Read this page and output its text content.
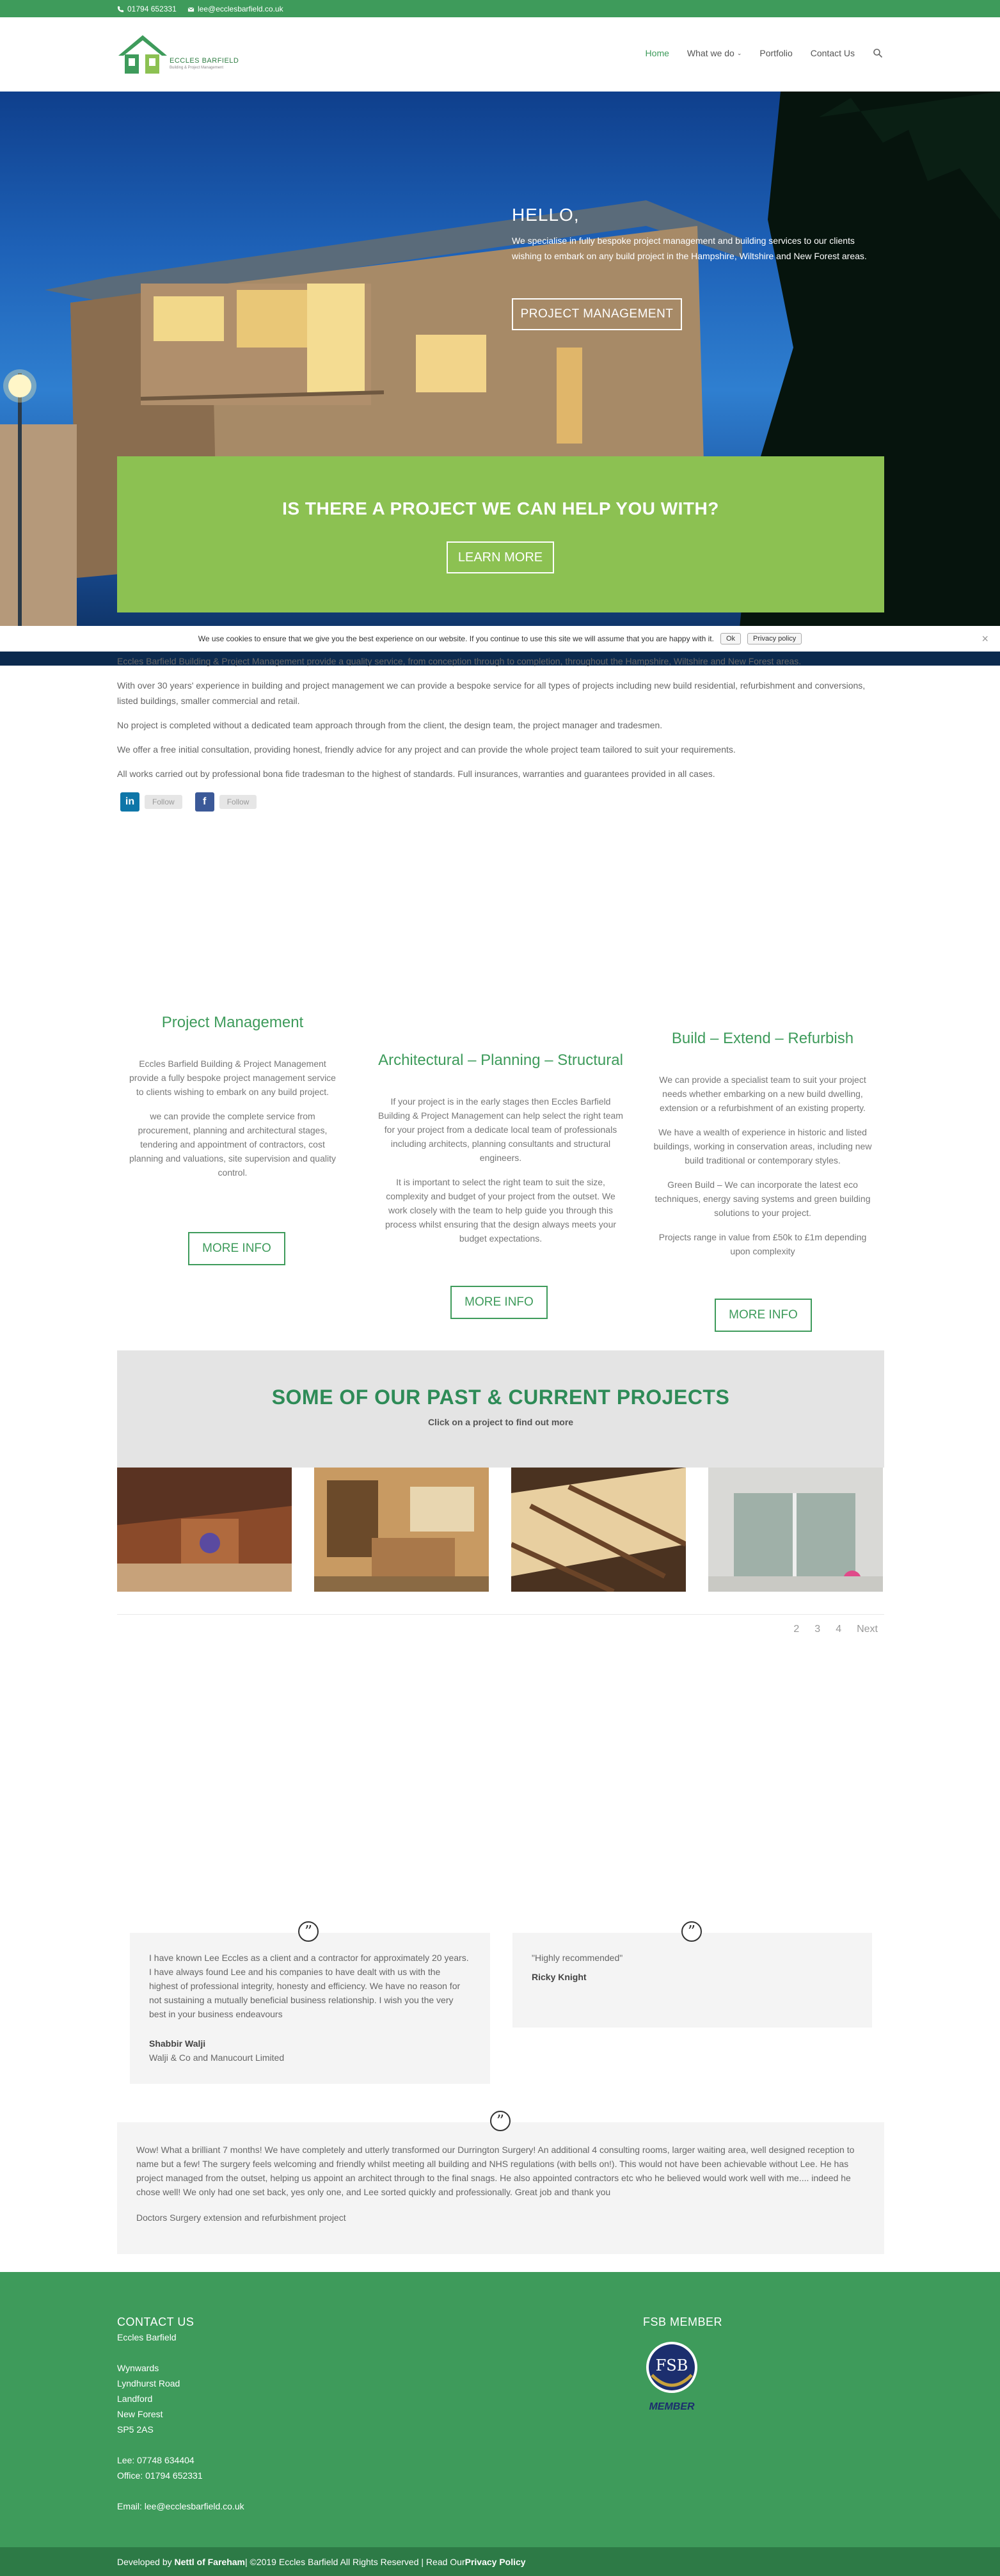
01794 652331	lee@ecclesbarfield.co.uk
ECCLES BARFIELD
Building & Project Management
Home What we do ⌄ Portfolio Contact Us
HELLO,
We specialise in fully bespoke project management and building services to our clients wishing to embark on any build project in the Hampshire, Wiltshire and New Forest areas.
PROJECT MANAGEMENT
IS THERE A PROJECT WE CAN HELP YOU WITH?
LEARN MORE
We use cookies to ensure that we give you the best experience on our website. If you continue to use this site we will assume that you are happy with it.	Ok	Privacy policy	×

Eccles Barfield Building & Project Management provide a quality service, from conception through to completion, throughout the Hampshire, Wiltshire and New Forest areas.

With over 30 years' experience in building and project management we can provide a bespoke service for all types of projects including new build residential, refurbishment and conversions, listed buildings, smaller commercial and retail.

No project is completed without a dedicated team approach through from the client, the design team, the project manager and tradesmen.

We offer a free initial consultation, providing honest, friendly advice for any project and can provide the whole project team tailored to suit your requirements.

All works carried out by professional bona fide tradesman to the highest of standards. Full insurances, warranties and guarantees provided in all cases.

in	Follow	f	Follow
Project Management

Eccles Barfield Building & Project Management provide a fully bespoke project management service to clients wishing to embark on any build project.

we can provide the complete service from procurement, planning and architectural stages, tendering and appointment of contractors, cost planning and valuations, site supervision and quality control.

MORE INFO
Architectural – Planning – Structural

If your project is in the early stages then Eccles Barfield Building & Project Management can help select the right team for your project from a dedicate local team of professionals including architects, planning consultants and structural engineers.

It is important to select the right team to suit the size, complexity and budget of your project from the outset. We work closely with the team to help guide you through this process whilst ensuring that the design always meets your budget expectations.

MORE INFO
Build – Extend – Refurbish

We can provide a specialist team to suit your project needs whether embarking on a new build dwelling, extension or a refurbishment of an existing property.

We have a wealth of experience in historic and listed buildings, working in conservation areas, including new build traditional or contemporary styles.

Green Build – We can incorporate the latest eco techniques, energy saving systems and green building solutions to your project.

Projects range in value from £50k to £1m depending upon complexity

MORE INFO
SOME OF OUR PAST & CURRENT PROJECTS
Click on a project to find out more
2 3 4 Next
”
I have known Lee Eccles as a client and a contractor for approximately 20 years. I have always found Lee and his companies to have dealt with us with the highest of professional integrity, honesty and efficiency. We have no reason for not sustaining a mutually beneficial business relationship. I wish you the very best in your business endeavours
Shabbir Walji
Walji & Co and Manucourt Limited
”
"Highly recommended"
Ricky Knight
”
Wow! What a brilliant 7 months! We have completely and utterly transformed our Durrington Surgery! An additional 4 consulting rooms, larger waiting area, well designed reception to name but a few! The surgery feels welcoming and friendly whilst meeting all building and NHS regulations (with bells on!). This would not have been achievable without Lee. He has project managed from the outset, helping us appoint an architect through to the final snags. He also appointed contractors etc who he believed would work well with me.... indeed he chose well! We only had one set back, yes only one, and Lee sorted quickly and professionally. Great job and thank you
Doctors Surgery extension and refurbishment project
CONTACT US
Eccles Barfield
Wynwards
Lyndhurst Road
Landford
New Forest
SP5 2AS
Lee: 07748 634404
Office: 01794 652331
Email: lee@ecclesbarfield.co.uk
FSB MEMBER
FSB
MEMBER
Developed by
Nettl of Fareham | ©2019 Eccles Barfield All Rights Reserved | Read Our Privacy Policy
